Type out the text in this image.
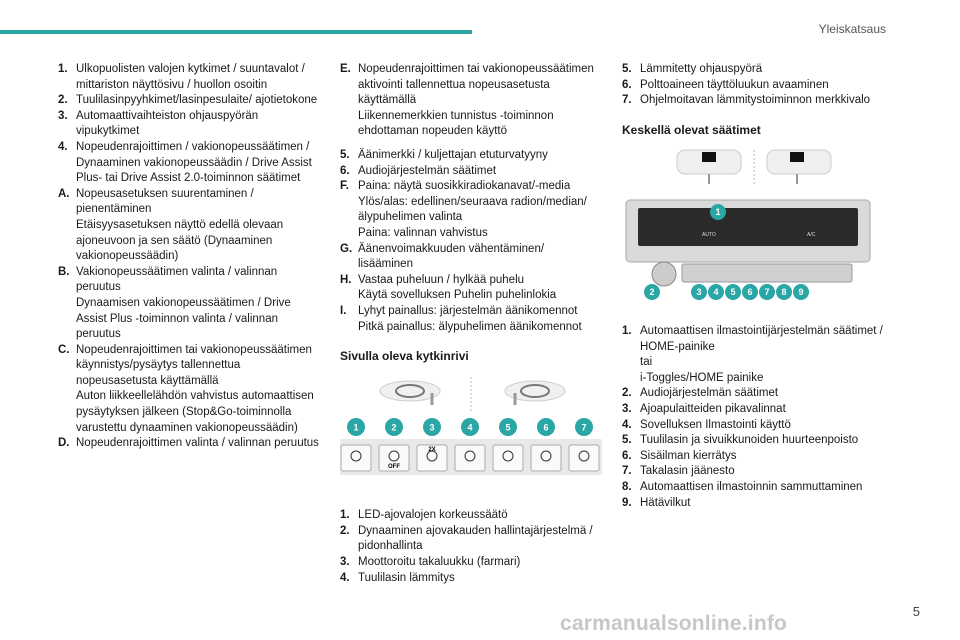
Yleiskatsaus
1. Ulkopuolisten valojen kytkimet / suuntavalot / mittariston näyttösivu / huollon osoitin
2. Tuulilasinpyyhkimet/lasinpesulaite/ ajotietokone
3. Automaattivaihteiston ohjauspyörän vipukytkimet
4. Nopeudenrajoittimen / vakionopeussäätimen / Dynaaminen vakionopeussäädin / Drive Assist Plus- tai Drive Assist 2.0-toiminnon säätimet
A. Nopeusasetuksen suurentaminen / pienentäminen
Etäisyysasetuksen näyttö edellä olevaan ajoneuvoon ja sen säätö (Dynaaminen vakionopeussäädin)
B. Vakionopeussäätimen valinta / valinnan peruutus
Dynaamisen vakionopeussäätimen / Drive Assist Plus -toiminnon valinta / valinnan peruutus
C. Nopeudenrajoittimen tai vakionopeussäätimen käynnistys/pysäytys tallennettua nopeusasetusta käyttämällä
Auton liikkeellelähdön vahvistus automaattisen pysäytyksen jälkeen (Stop&Go-toiminnolla varustettu dynaaminen vakionopeussäädin)
D. Nopeudenrajoittimen valinta / valinnan peruutus
E. Nopeudenrajoittimen tai vakionopeussäätimen aktivointi tallennettua nopeusasetusta käyttämällä
Liikennemerkkien tunnistus -toiminnon ehdottaman nopeuden käyttö
5. Äänimerkki / kuljettajan etuturvatyyny
6. Audiojärjestelmän säätimet
F. Paina: näytä suosikkiradiokanavat/-media
Ylös/alas: edellinen/seuraava radion/median/ älypuhelimen valinta
Paina: valinnan vahvistus
G. Äänenvoimakkuuden vähentäminen/ lisääminen
H. Vastaa puheluun / hylkää puhelu
Käytä sovelluksen Puhelin puhelinlokia
I.	Lyhyt painallus: järjestelmän äänikomennot
Pitkä painallus: älypuhelimen äänikomennot
Sivulla oleva kytkinrivi
1	2	3	4	5	6	7
OFF
2X
1. LED-ajovalojen korkeussäätö
2. Dynaaminen ajovakauden hallintajärjestelmä / pidonhallinta
3. Moottoroitu takaluukku (farmari)
4. Tuulilasin lämmitys
5. Lämmitetty ohjauspyörä
6. Polttoaineen täyttöluukun avaaminen
7. Ohjelmoitavan lämmitystoiminnon merkkivalo
Keskellä olevat säätimet
AUTO	A/C
1
2	3 4 5 6 7 8 9
1. Automaattisen ilmastointijärjestelmän säätimet / HOME-painike
tai
i-Toggles/HOME painike
2. Audiojärjestelmän säätimet
3. Ajoapulaitteiden pikavalinnat
4. Sovelluksen Ilmastointi käyttö
5. Tuulilasin ja sivuikkunoiden huurteenpoisto
6. Sisäilman kierrätys
7. Takalasin jäänesto
8. Automaattisen ilmastoinnin sammuttaminen
9. Hätävilkut
carmanualsonline.info
5
